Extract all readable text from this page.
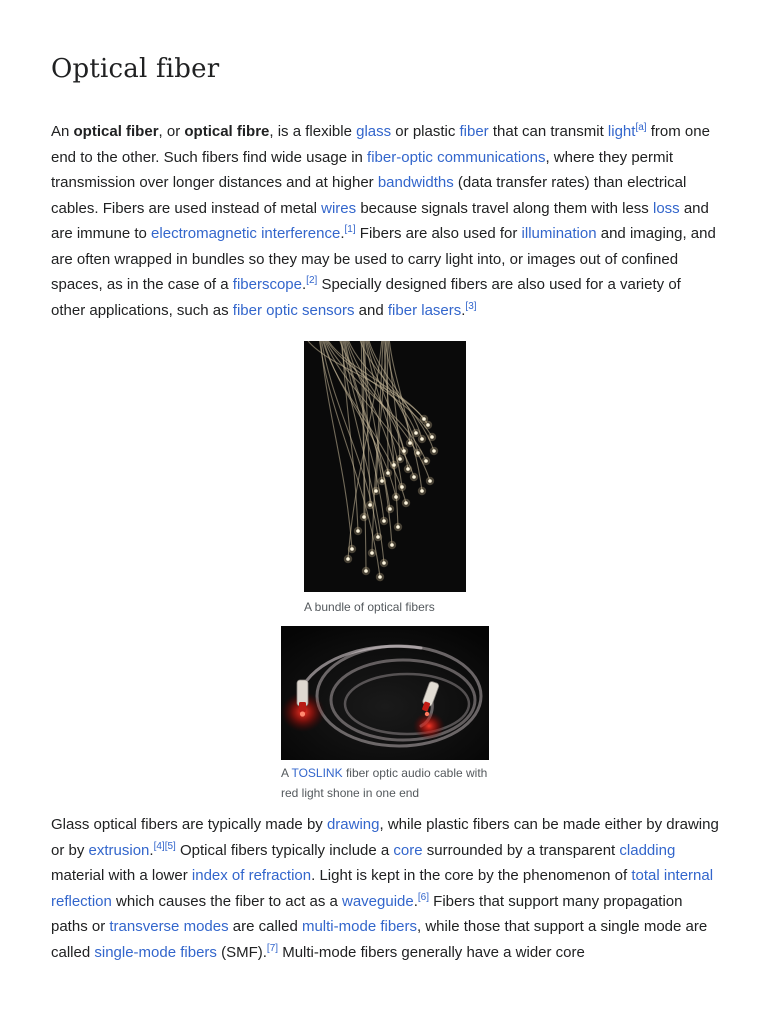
Optical fiber

An optical fiber, or optical fibre, is a flexible glass or plastic fiber that can transmit light[a] from one end to the other. Such fibers find wide usage in fiber-optic communications, where they permit transmission over longer distances and at higher bandwidths (data transfer rates) than electrical cables. Fibers are used instead of metal wires because signals travel along them with less loss and are immune to electromagnetic interference.[1] Fibers are also used for illumination and imaging, and are often wrapped in bundles so they may be used to carry light into, or images out of confined spaces, as in the case of a fiberscope.[2] Specially designed fibers are also used for a variety of other applications, such as fiber optic sensors and fiber lasers.[3]

A bundle of optical fibers
A TOSLINK fiber optic audio cable with red light shone in one end

Glass optical fibers are typically made by drawing, while plastic fibers can be made either by drawing or by extrusion.[4][5] Optical fibers typically include a core surrounded by a transparent cladding material with a lower index of refraction. Light is kept in the core by the phenomenon of total internal reflection which causes the fiber to act as a waveguide.[6] Fibers that support many propagation paths or transverse modes are called multi-mode fibers, while those that support a single mode are called single-mode fibers (SMF).[7] Multi-mode fibers generally have a wider core
